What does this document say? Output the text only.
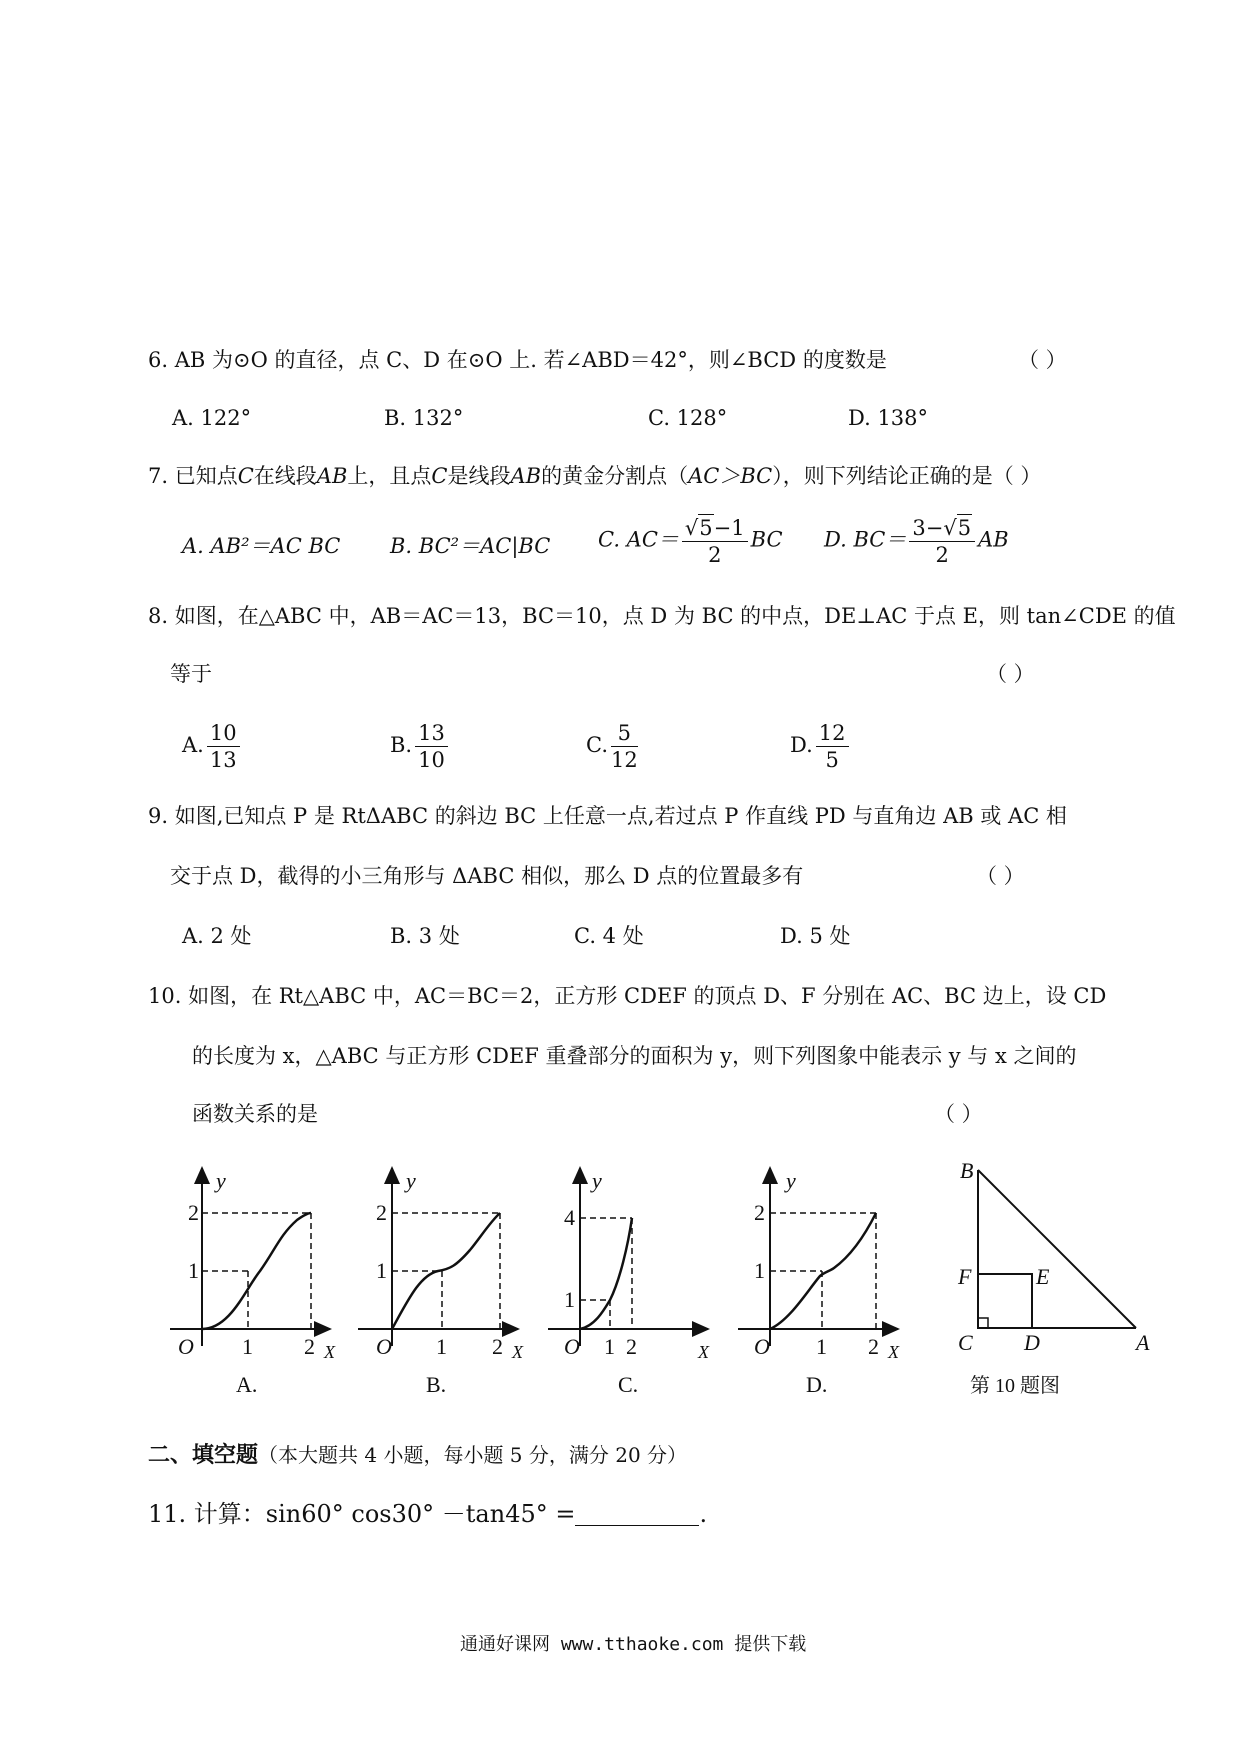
6. AB 为⊙O 的直径，点 C、D 在⊙O 上. 若∠ABD＝42°，则∠BCD 的度数是	（ ）
A. 122°	B. 132°	C. 128°	D. 138°
7. 已知点C在线段AB上，且点C是线段AB的黄金分割点（AC＞BC），则下列结论正确的是（ ）
A. AB²＝AC BC B. BC²＝AC|BC C. $AC= \frac{√5-1}{2}$ BC D. $BC= \frac{3-√5}{2}$ AB
8. 如图，在△ABC 中，AB＝AC＝13，BC＝10，点 D 为 BC 的中点，DE⊥AC 于点 E，则 tan∠CDE 的值
等于	（ ）
A. $\frac{10}{13}$	B. $\frac{13}{10}$	C. $\frac{5}{12}$	D. $\frac{12}{5}$
9. 如图,已知点 P 是 RtΔABC 的斜边 BC 上任意一点,若过点 P 作直线 PD 与直角边 AB 或 AC 相
交于点 D，截得的小三角形与 ΔABC 相似，那么 D 点的位置最多有	（ ）
A. 2 处	B. 3 处	C. 4 处	D. 5 处
10. 如图，在 Rt△ABC 中，AC＝BC＝2，正方形 CDEF 的顶点 D、F 分别在 AC、BC 边上，设 CD
的长度为 x，△ABC 与正方形 CDEF 重叠部分的面积为 y，则下列图象中能表示 y 与 x 之间的
函数关系的是	（ ）
2
1
1 2
O
y
X
A.
2
1
1 2
O
y
X
B.
4
1
1 2
O
y
X
C.
2
1
1 2
O
y
X
D.
B
F	E
C D	A
第 10 题图
二、填空题（本大题共 4 小题，每小题 5 分，满分 20 分）
11. 计算：sin60° cos30° －tan45° =	.
通通好课网 www.tthaoke.com 提供下载
